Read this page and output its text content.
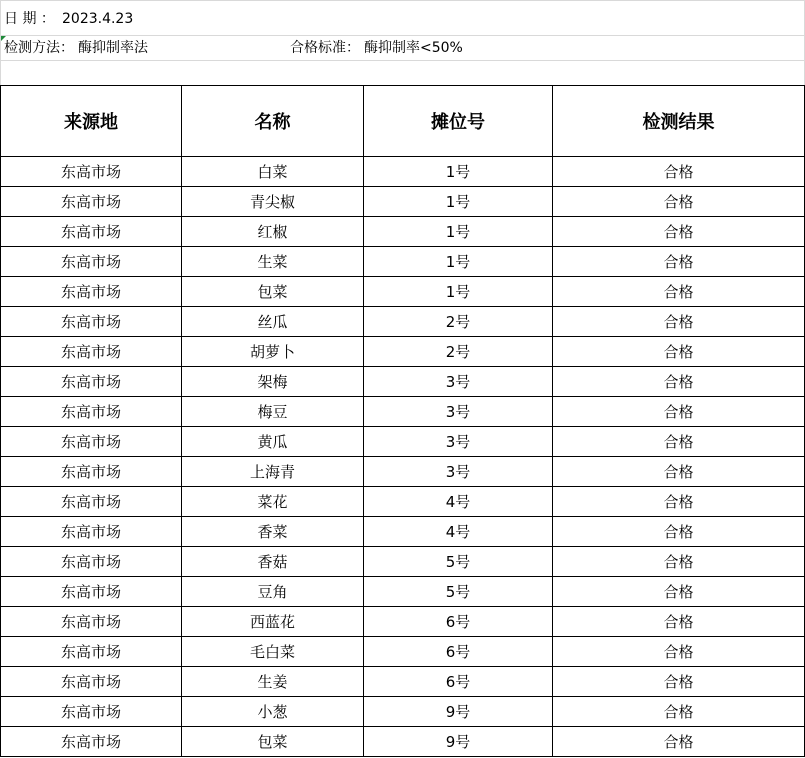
日 期 ： 2023.4.23
检测方法： 酶抑制率法	合格标准： 酶抑制率<50%
来源地	名称	摊位号	检测结果
东高市场	白菜	1号	合格
东高市场	青尖椒	1号	合格
东高市场	红椒	1号	合格
东高市场	生菜	1号	合格
东高市场	包菜	1号	合格
东高市场	丝瓜	2号	合格
东高市场	胡萝卜	2号	合格
东高市场	架梅	3号	合格
东高市场	梅豆	3号	合格
东高市场	黄瓜	3号	合格
东高市场	上海青	3号	合格
东高市场	菜花	4号	合格
东高市场	香菜	4号	合格
东高市场	香菇	5号	合格
东高市场	豆角	5号	合格
东高市场	西蓝花	6号	合格
东高市场	毛白菜	6号	合格
东高市场	生姜	6号	合格
东高市场	小葱	9号	合格
东高市场	包菜	9号	合格
